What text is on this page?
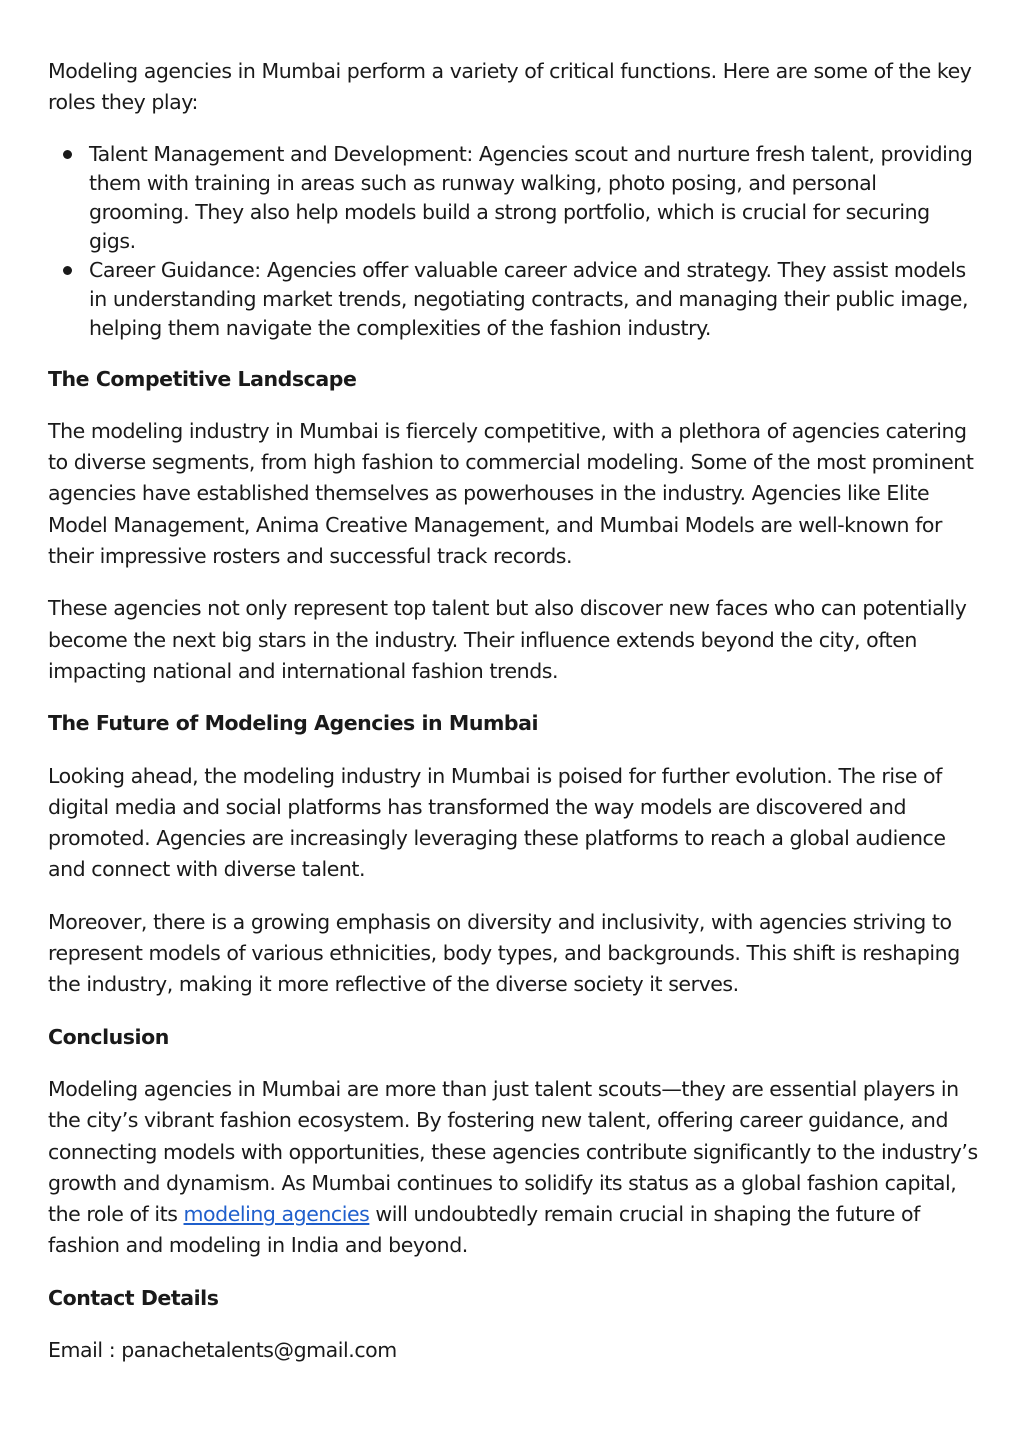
Modeling agencies in Mumbai perform a variety of critical functions. Here are some of the key roles they play:

Talent Management and Development: Agencies scout and nurture fresh talent, providing them with training in areas such as runway walking, photo posing, and personal grooming. They also help models build a strong portfolio, which is crucial for securing gigs.
Career Guidance: Agencies offer valuable career advice and strategy. They assist models in understanding market trends, negotiating contracts, and managing their public image, helping them navigate the complexities of the fashion industry.
The Competitive Landscape

The modeling industry in Mumbai is fiercely competitive, with a plethora of agencies catering to diverse segments, from high fashion to commercial modeling. Some of the most prominent agencies have established themselves as powerhouses in the industry. Agencies like Elite Model Management, Anima Creative Management, and Mumbai Models are well-known for their impressive rosters and successful track records.

These agencies not only represent top talent but also discover new faces who can potentially become the next big stars in the industry. Their influence extends beyond the city, often impacting national and international fashion trends.

The Future of Modeling Agencies in Mumbai

Looking ahead, the modeling industry in Mumbai is poised for further evolution. The rise of digital media and social platforms has transformed the way models are discovered and promoted. Agencies are increasingly leveraging these platforms to reach a global audience and connect with diverse talent.

Moreover, there is a growing emphasis on diversity and inclusivity, with agencies striving to represent models of various ethnicities, body types, and backgrounds. This shift is reshaping the industry, making it more reflective of the diverse society it serves.

Conclusion

Modeling agencies in Mumbai are more than just talent scouts—they are essential players in the city’s vibrant fashion ecosystem. By fostering new talent, offering career guidance, and connecting models with opportunities, these agencies contribute significantly to the industry’s growth and dynamism. As Mumbai continues to solidify its status as a global fashion capital, the role of its modeling agencies will undoubtedly remain crucial in shaping the future of fashion and modeling in India and beyond.

Contact Details

Email : panachetalents@gmail.com
